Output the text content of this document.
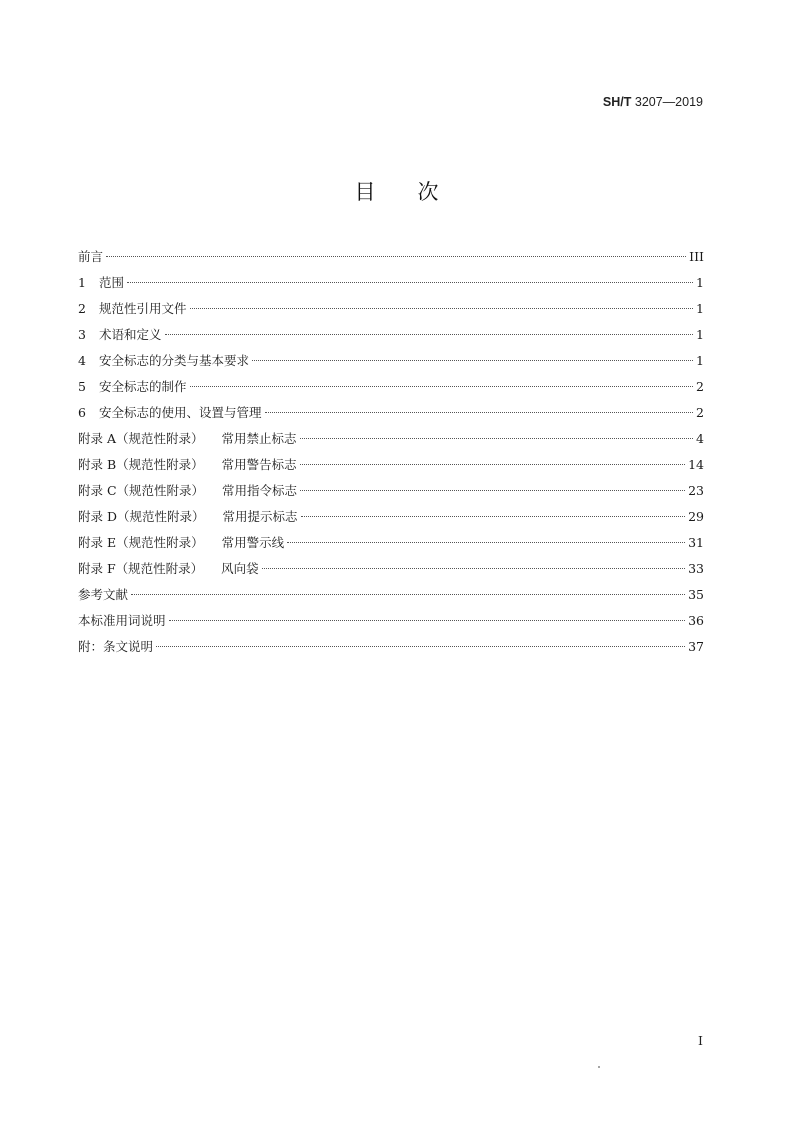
SH/T 3207—2019
目次
前言	III
1 范围	1
2 规范性引用文件	1
3 术语和定义	1
4 安全标志的分类与基本要求	1
5 安全标志的制作	2
6 安全标志的使用、设置与管理	2
附录 A（规范性附录） 常用禁止标志	4
附录 B（规范性附录） 常用警告标志	14
附录 C（规范性附录） 常用指令标志	23
附录 D（规范性附录） 常用提示标志	29
附录 E（规范性附录） 常用警示线	31
附录 F（规范性附录） 风向袋	33
参考文献	35
本标准用词说明	36
附：条文说明	37
I
